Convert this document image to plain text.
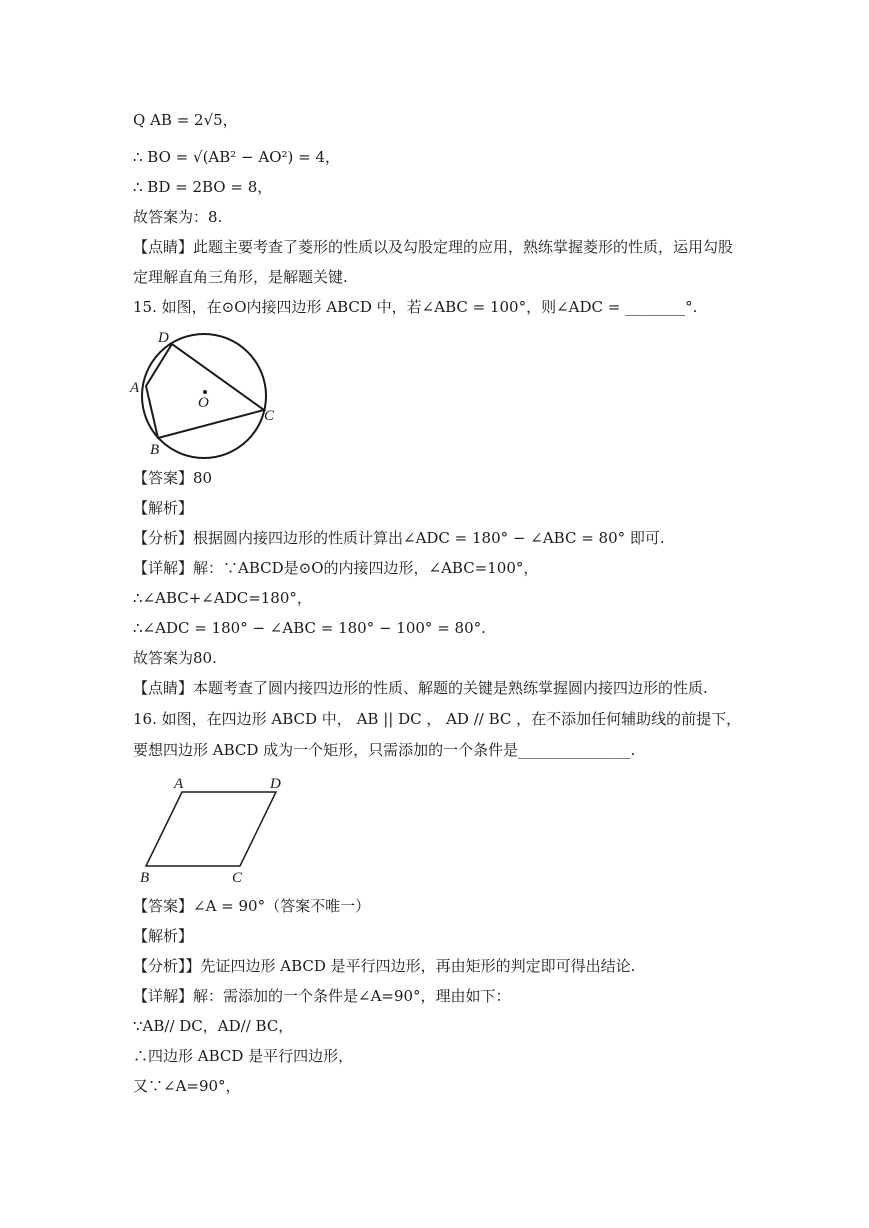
Q AB = 2√5，
∴ BO = √(AB² − AO²) = 4，
∴ BD = 2BO = 8，
故答案为：8.
【点睛】此题主要考查了菱形的性质以及勾股定理的应用，熟练掌握菱形的性质，运用勾股
定理解直角三角形，是解题关键.
15. 如图，在⊙O内接四边形 ABCD 中，若∠ABC = 100°，则∠ADC = ________°.
D
A
O
C
B
【答案】80
【解析】
【分析】根据圆内接四边形的性质计算出∠ADC = 180° − ∠ABC = 80° 即可.
【详解】解：∵ABCD是⊙O的内接四边形，∠ABC=100°，
∴∠ABC+∠ADC=180°，
∴∠ADC = 180° − ∠ABC = 180° − 100° = 80°.
故答案为80.
【点睛】本题考查了圆内接四边形的性质、解题的关键是熟练掌握圆内接四边形的性质.
16. 如图，在四边形 ABCD 中， AB || DC ， AD // BC ，在不添加任何辅助线的前提下，
要想四边形 ABCD 成为一个矩形，只需添加的一个条件是_______________.
A	D
B	C
【答案】∠A = 90°（答案不唯一）
【解析】
【分析】】先证四边形 ABCD 是平行四边形，再由矩形的判定即可得出结论.
【详解】解：需添加的一个条件是∠A=90°，理由如下：
∵AB// DC，AD// BC，
∴四边形 ABCD 是平行四边形，
又∵∠A=90°，
